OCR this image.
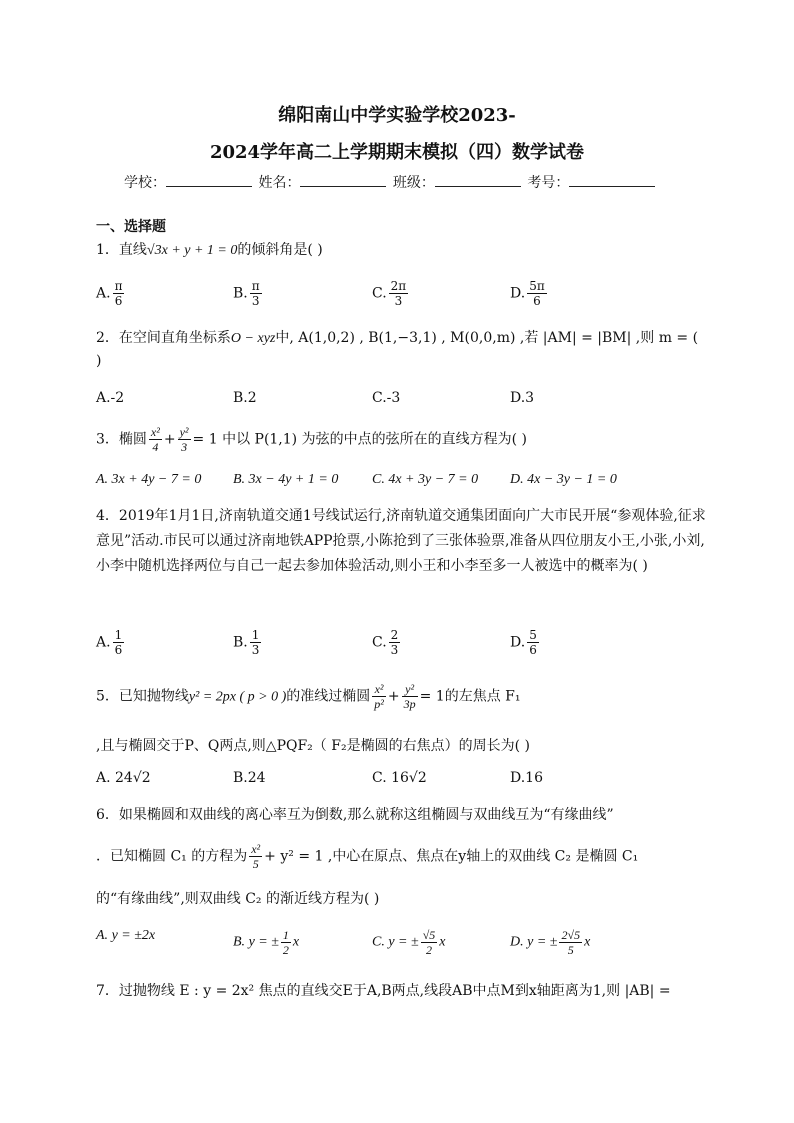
绵阳南山中学实验学校2023-
2024学年高二上学期期末模拟（四）数学试卷
学校：	姓名：	班级：	考号：
一、选择题
1．直线√3x + y + 1 = 0的倾斜角是( )
A. $\frac{\pi}{6}$	B. $\frac{\pi}{3}$	C. $\frac{2\pi}{3}$	D. $\frac{5\pi}{6}$
2．在空间直角坐标系O − xyz中, A(1,0,2) , B(1,−3,1) , M(0,0,m) ,若 |AM| = |BM| ,则 m = (
)
A.-2	B.2	C.-3	D.3
3．椭圆 $\frac{\text{x²}}{4} + \frac{\text{y²}}{3} = 1$ 中以 P(1,1) 为弦的中点的弦所在的直线方程为( )
A. 3x + 4y − 7 = 0 B. 3x − 4y + 1 = 0 C. 4x + 3y − 7 = 0 D. 4x − 3y − 1 = 0
4．2019年1月1日,济南轨道交通1号线试运行,济南轨道交通集团面向广大市民开展“参观体验,征求意见”活动.市民可以通过济南地铁APP抢票,小陈抢到了三张体验票,准备从四位朋友小王,小张,小刘,小李中随机选择两位与自己一起去参加体验活动,则小王和小李至多一人被选中的概率为( )
A. $\frac{1}{6}$	B. $\frac{1}{3}$	C. $\frac{2}{3}$	D. $\frac{5}{6}$
5．已知抛物线y² = 2px ( p > 0 )的准线过椭圆 $\frac{\text{x²}}{\text{p²}} + \frac{\text{y²}}{3p} = 1$的左焦点 F₁
,且与椭圆交于P、Q两点,则△PQF₂（ F₂是椭圆的右焦点）的周长为( )
A. 24√2	B.24	C. 16√2	D.16
6．如果椭圆和双曲线的离心率互为倒数,那么就称这组椭圆与双曲线互为“有缘曲线”
．已知椭圆 C₁ 的方程为 $\frac{\text{x²}}{5} + y^2 = 1$ ,中心在原点、焦点在y轴上的双曲线 C₂ 是椭圆 C₁
的“有缘曲线”,则双曲线 C₂ 的渐近线方程为( )
A. y = ±2x	B. y = ± $\frac{1}{2}$ x	C. y = ± $\frac{√5}{2}$ x	D. y = ± $\frac{2√5}{5}$ x
7．过抛物线 E : y = 2x² 焦点的直线交E于A,B两点,线段AB中点M到x轴距离为1,则 |AB| =
